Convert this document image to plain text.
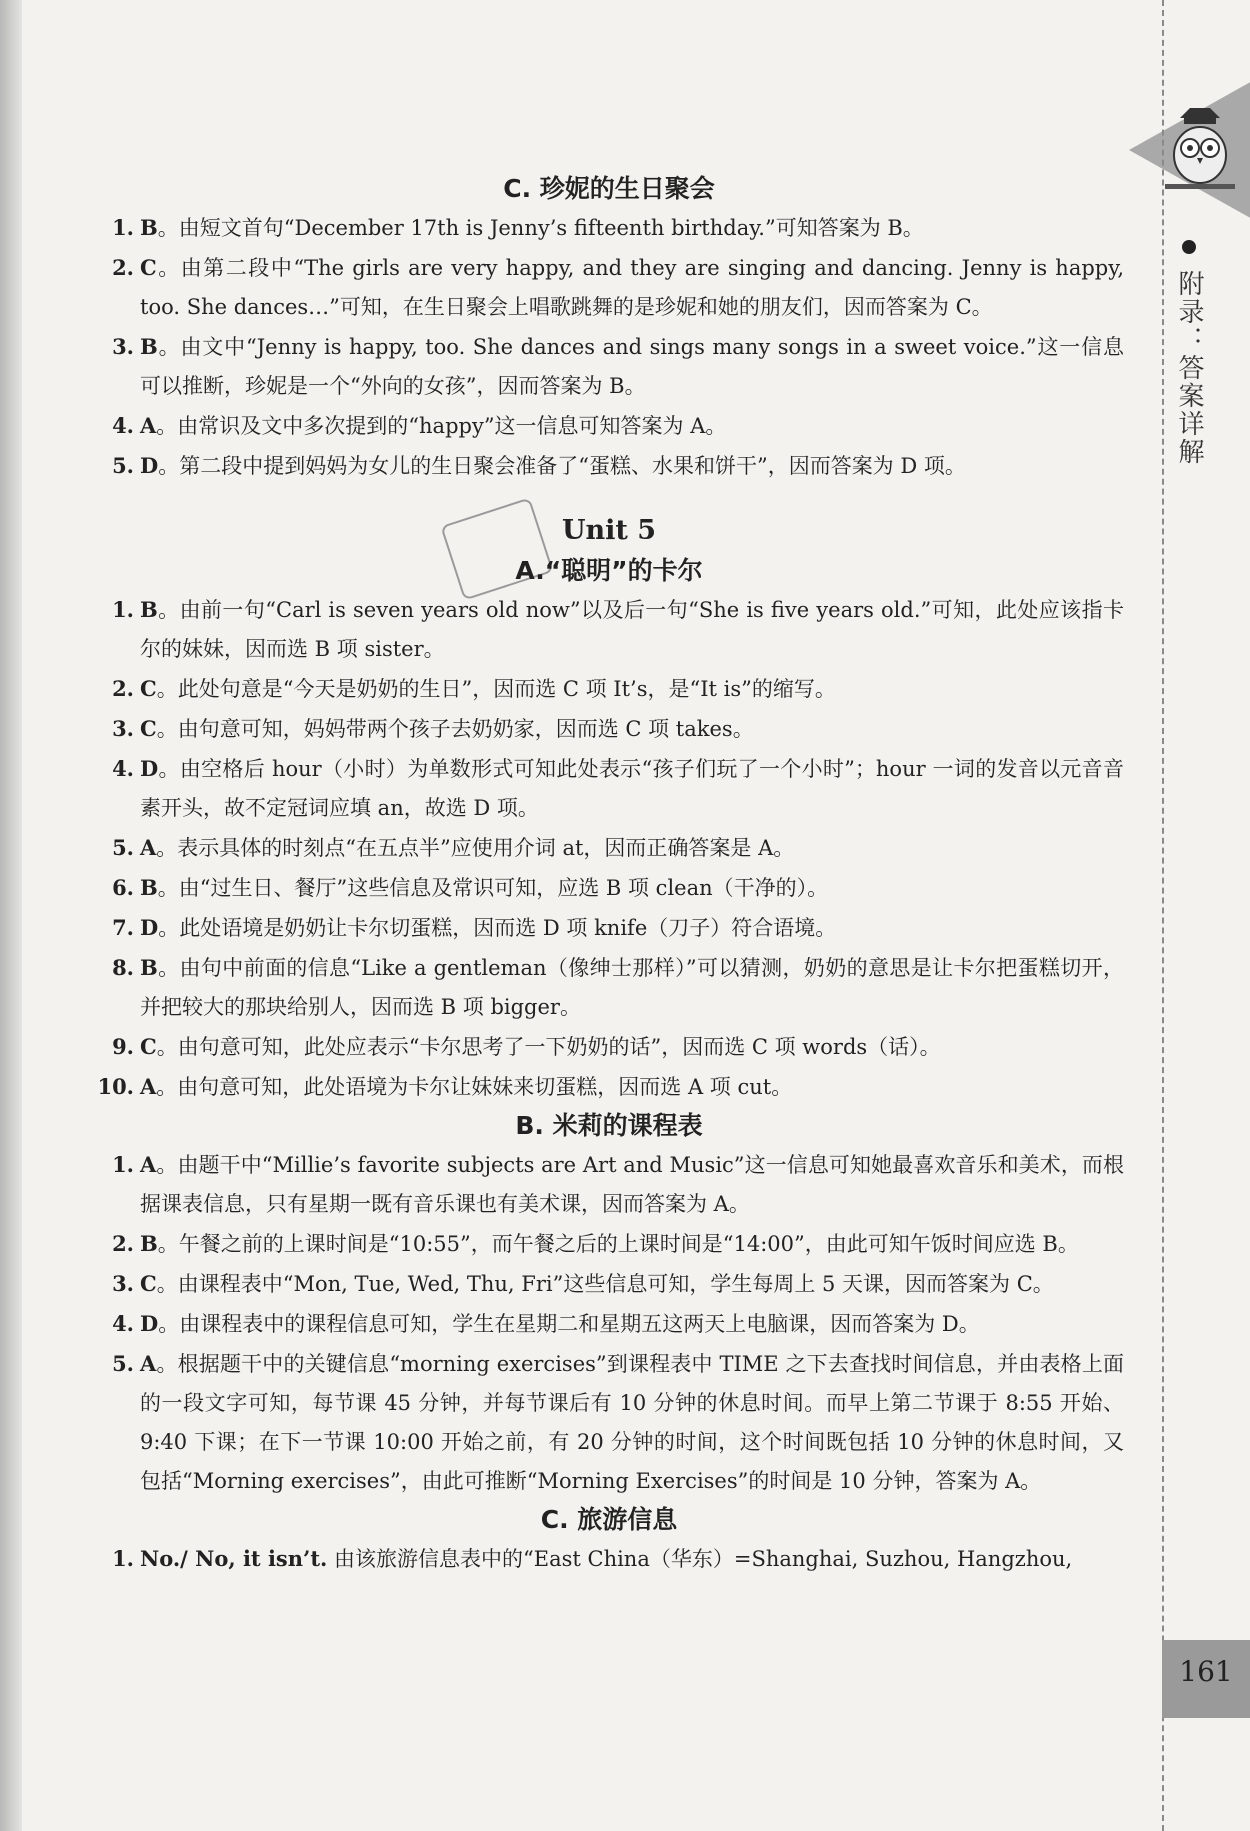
附录：答案详解
161
C. 珍妮的生日聚会
1. B。由短文首句“December 17th is Jenny’s fifteenth birthday.”可知答案为 B。
2. C。由第二段中“The girls are very happy, and they are singing and dancing. Jenny is happy, too. She dances…”可知，在生日聚会上唱歌跳舞的是珍妮和她的朋友们，因而答案为 C。
3. B。由文中“Jenny is happy, too. She dances and sings many songs in a sweet voice.”这一信息可以推断，珍妮是一个“外向的女孩”，因而答案为 B。
4. A。由常识及文中多次提到的“happy”这一信息可知答案为 A。
5. D。第二段中提到妈妈为女儿的生日聚会准备了“蛋糕、水果和饼干”，因而答案为 D 项。
Unit 5
A.“聪明”的卡尔
1. B。由前一句“Carl is seven years old now”以及后一句“She is five years old.”可知，此处应该指卡尔的妹妹，因而选 B 项 sister。
2. C。此处句意是“今天是奶奶的生日”，因而选 C 项 It’s，是“It is”的缩写。
3. C。由句意可知，妈妈带两个孩子去奶奶家，因而选 C 项 takes。
4. D。由空格后 hour（小时）为单数形式可知此处表示“孩子们玩了一个小时”；hour 一词的发音以元音音素开头，故不定冠词应填 an，故选 D 项。
5. A。表示具体的时刻点“在五点半”应使用介词 at，因而正确答案是 A。
6. B。由“过生日、餐厅”这些信息及常识可知，应选 B 项 clean（干净的）。
7. D。此处语境是奶奶让卡尔切蛋糕，因而选 D 项 knife（刀子）符合语境。
8. B。由句中前面的信息“Like a gentleman（像绅士那样）”可以猜测，奶奶的意思是让卡尔把蛋糕切开，并把较大的那块给别人，因而选 B 项 bigger。
9. C。由句意可知，此处应表示“卡尔思考了一下奶奶的话”，因而选 C 项 words（话）。
10. A。由句意可知，此处语境为卡尔让妹妹来切蛋糕，因而选 A 项 cut。
B. 米莉的课程表
1. A。由题干中“Millie’s favorite subjects are Art and Music”这一信息可知她最喜欢音乐和美术，而根据课表信息，只有星期一既有音乐课也有美术课，因而答案为 A。
2. B。午餐之前的上课时间是“10:55”，而午餐之后的上课时间是“14:00”，由此可知午饭时间应选 B。
3. C。由课程表中“Mon, Tue, Wed, Thu, Fri”这些信息可知，学生每周上 5 天课，因而答案为 C。
4. D。由课程表中的课程信息可知，学生在星期二和星期五这两天上电脑课，因而答案为 D。
5. A。根据题干中的关键信息“morning exercises”到课程表中 TIME 之下去查找时间信息，并由表格上面的一段文字可知，每节课 45 分钟，并每节课后有 10 分钟的休息时间。而早上第二节课于 8:55 开始、9:40 下课；在下一节课 10:00 开始之前，有 20 分钟的时间，这个时间既包括 10 分钟的休息时间，又包括“Morning exercises”，由此可推断“Morning Exercises”的时间是 10 分钟，答案为 A。
C. 旅游信息
1. No./ No, it isn’t. 由该旅游信息表中的“East China（华东）=Shanghai, Suzhou, Hangzhou,
